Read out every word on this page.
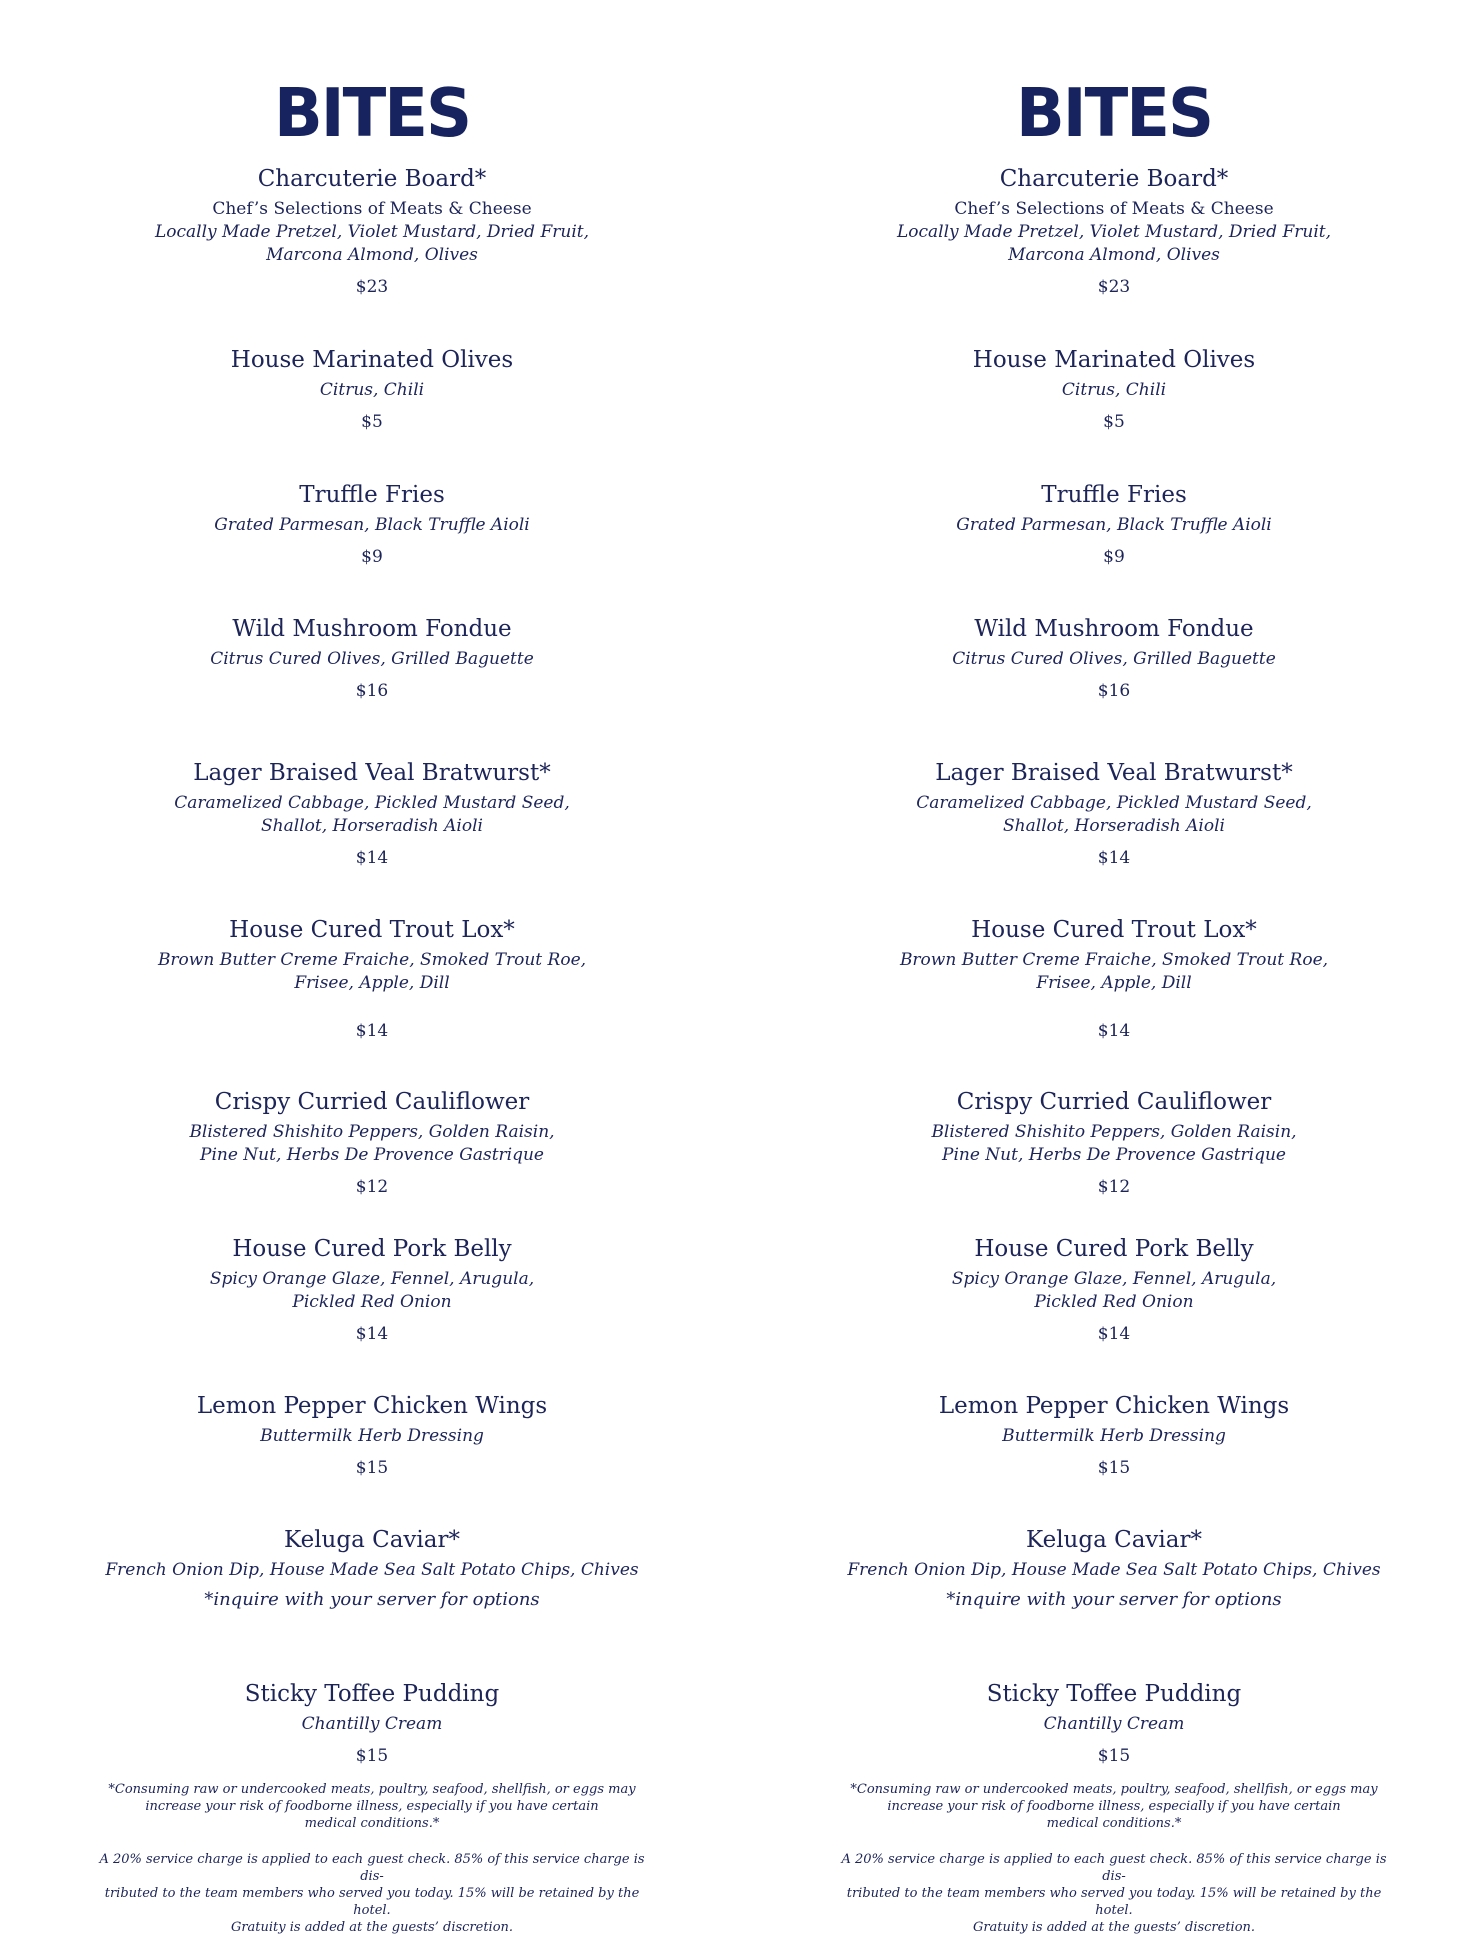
BITES
Charcuterie Board*
Chef’s Selections of Meats & Cheese
Locally Made Pretzel, Violet Mustard, Dried Fruit,
Marcona Almond, Olives
$23
House Marinated Olives
Citrus, Chili
$5
Truffle Fries
Grated Parmesan, Black Truffle Aioli
$9
Wild Mushroom Fondue
Citrus Cured Olives, Grilled Baguette
$16
Lager Braised Veal Bratwurst*
Caramelized Cabbage, Pickled Mustard Seed,
Shallot, Horseradish Aioli
$14
House Cured Trout Lox*
Brown Butter Creme Fraiche, Smoked Trout Roe,
Frisee, Apple, Dill
$14
Crispy Curried Cauliflower
Blistered Shishito Peppers, Golden Raisin,
Pine Nut, Herbs De Provence Gastrique
$12
House Cured Pork Belly
Spicy Orange Glaze, Fennel, Arugula,
Pickled Red Onion
$14
Lemon Pepper Chicken Wings
Buttermilk Herb Dressing
$15
Keluga Caviar*
French Onion Dip, House Made Sea Salt Potato Chips, Chives
*inquire with your server for options
Sticky Toffee Pudding
Chantilly Cream
$15

*Consuming raw or undercooked meats, poultry, seafood, shellfish, or eggs may

increase your risk of foodborne illness, especially if you have certain

medical conditions.*

A 20% service charge is applied to each guest check. 85% of this service charge is dis-

tributed to the team members who served you today. 15% will be retained by the hotel.

Gratuity is added at the guests’ discretion.

BITES
Charcuterie Board*
Chef’s Selections of Meats & Cheese
Locally Made Pretzel, Violet Mustard, Dried Fruit,
Marcona Almond, Olives
$23
House Marinated Olives
Citrus, Chili
$5
Truffle Fries
Grated Parmesan, Black Truffle Aioli
$9
Wild Mushroom Fondue
Citrus Cured Olives, Grilled Baguette
$16
Lager Braised Veal Bratwurst*
Caramelized Cabbage, Pickled Mustard Seed,
Shallot, Horseradish Aioli
$14
House Cured Trout Lox*
Brown Butter Creme Fraiche, Smoked Trout Roe,
Frisee, Apple, Dill
$14
Crispy Curried Cauliflower
Blistered Shishito Peppers, Golden Raisin,
Pine Nut, Herbs De Provence Gastrique
$12
House Cured Pork Belly
Spicy Orange Glaze, Fennel, Arugula,
Pickled Red Onion
$14
Lemon Pepper Chicken Wings
Buttermilk Herb Dressing
$15
Keluga Caviar*
French Onion Dip, House Made Sea Salt Potato Chips, Chives
*inquire with your server for options
Sticky Toffee Pudding
Chantilly Cream
$15

*Consuming raw or undercooked meats, poultry, seafood, shellfish, or eggs may

increase your risk of foodborne illness, especially if you have certain

medical conditions.*

A 20% service charge is applied to each guest check. 85% of this service charge is dis-

tributed to the team members who served you today. 15% will be retained by the hotel.

Gratuity is added at the guests’ discretion.
